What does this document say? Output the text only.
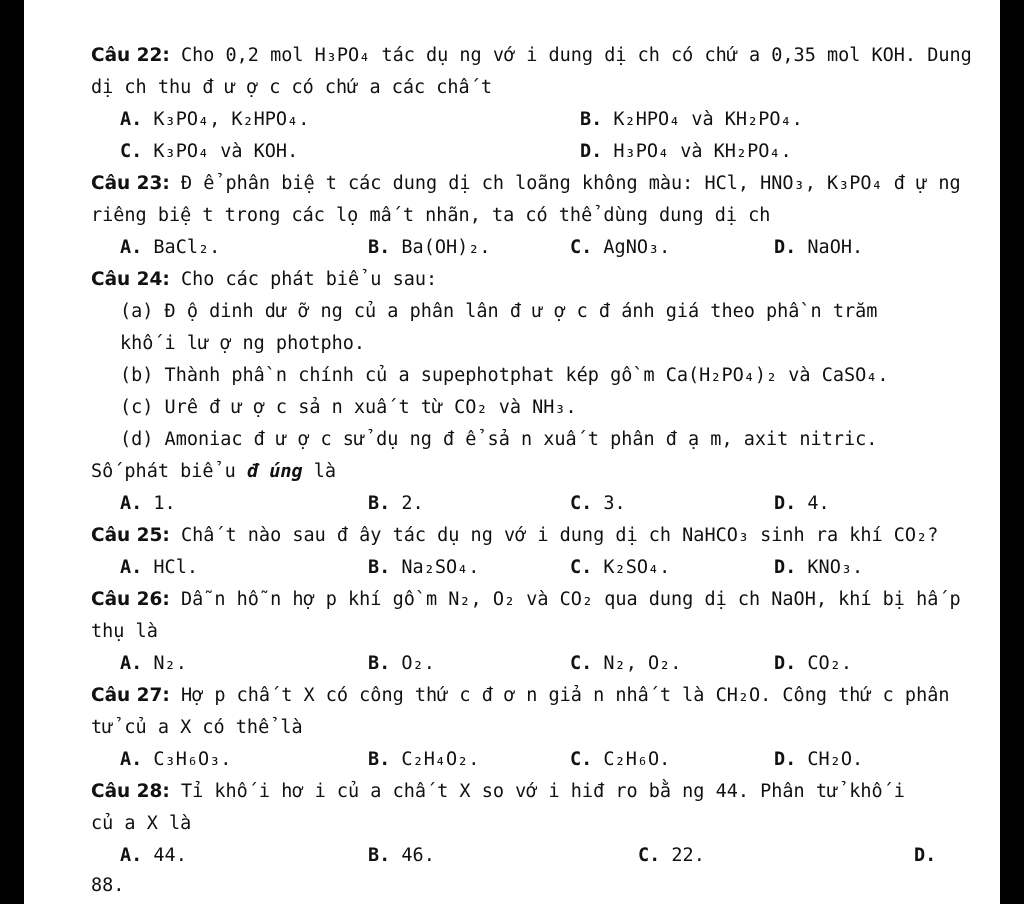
Câu 22: Cho 0,2 mol H₃PO₄ tác dụ ng vớ i dung dị ch có chứ a 0,35 mol KOH. Dung
dị ch thu đ ư ợ c có chứ a các chấ t
A. K₃PO₄, K₂HPO₄.	B. K₂HPO₄ và KH₂PO₄.
C. K₃PO₄ và KOH.	D. H₃PO₄ và KH₂PO₄.
Câu 23: Đ ể phân biệ t các dung dị ch loãng không màu: HCl, HNO₃, K₃PO₄ đ ự ng
riêng biệ t trong các lọ mấ t nhãn, ta có thể dùng dung dị ch
A. BaCl₂.	B. Ba(OH)₂.	C. AgNO₃.	D. NaOH.
Câu 24: Cho các phát biể u sau:
(a) Đ ộ dinh dư ỡ ng củ a phân lân đ ư ợ c đ ánh giá theo phầ n trăm
khố i lư ợ ng photpho.
(b) Thành phầ n chính củ a supephotphat kép gồ m Ca(H₂PO₄)₂ và CaSO₄.
(c) Urê đ ư ợ c sả n xuấ t từ CO₂ và NH₃.
(d) Amoniac đ ư ợ c sử dụ ng đ ể sả n xuấ t phân đ ạ m, axit nitric.
Số phát biể u đ úng là
A. 1.	B. 2.	C. 3.	D. 4.
Câu 25: Chấ t nào sau đ ây tác dụ ng vớ i dung dị ch NaHCO₃ sinh ra khí CO₂?
A. HCl.	B. Na₂SO₄.	C. K₂SO₄.	D. KNO₃.
Câu 26: Dẫ n hỗ n hợ p khí gồ m N₂, O₂ và CO₂ qua dung dị ch NaOH, khí bị hấ p
thụ là
A. N₂.	B. O₂.	C. N₂, O₂.	D. CO₂.
Câu 27: Hợ p chấ t X có công thứ c đ ơ n giả n nhấ t là CH₂O. Công thứ c phân
tử củ a X có thể là
A. C₃H₆O₃.	B. C₂H₄O₂.	C. C₂H₆O.	D. CH₂O.
Câu 28: Tỉ khố i hơ i củ a chấ t X so vớ i hiđ ro bằ ng 44. Phân tử khố i
củ a X là
A. 44.	B. 46.	C. 22.	D.
88.
